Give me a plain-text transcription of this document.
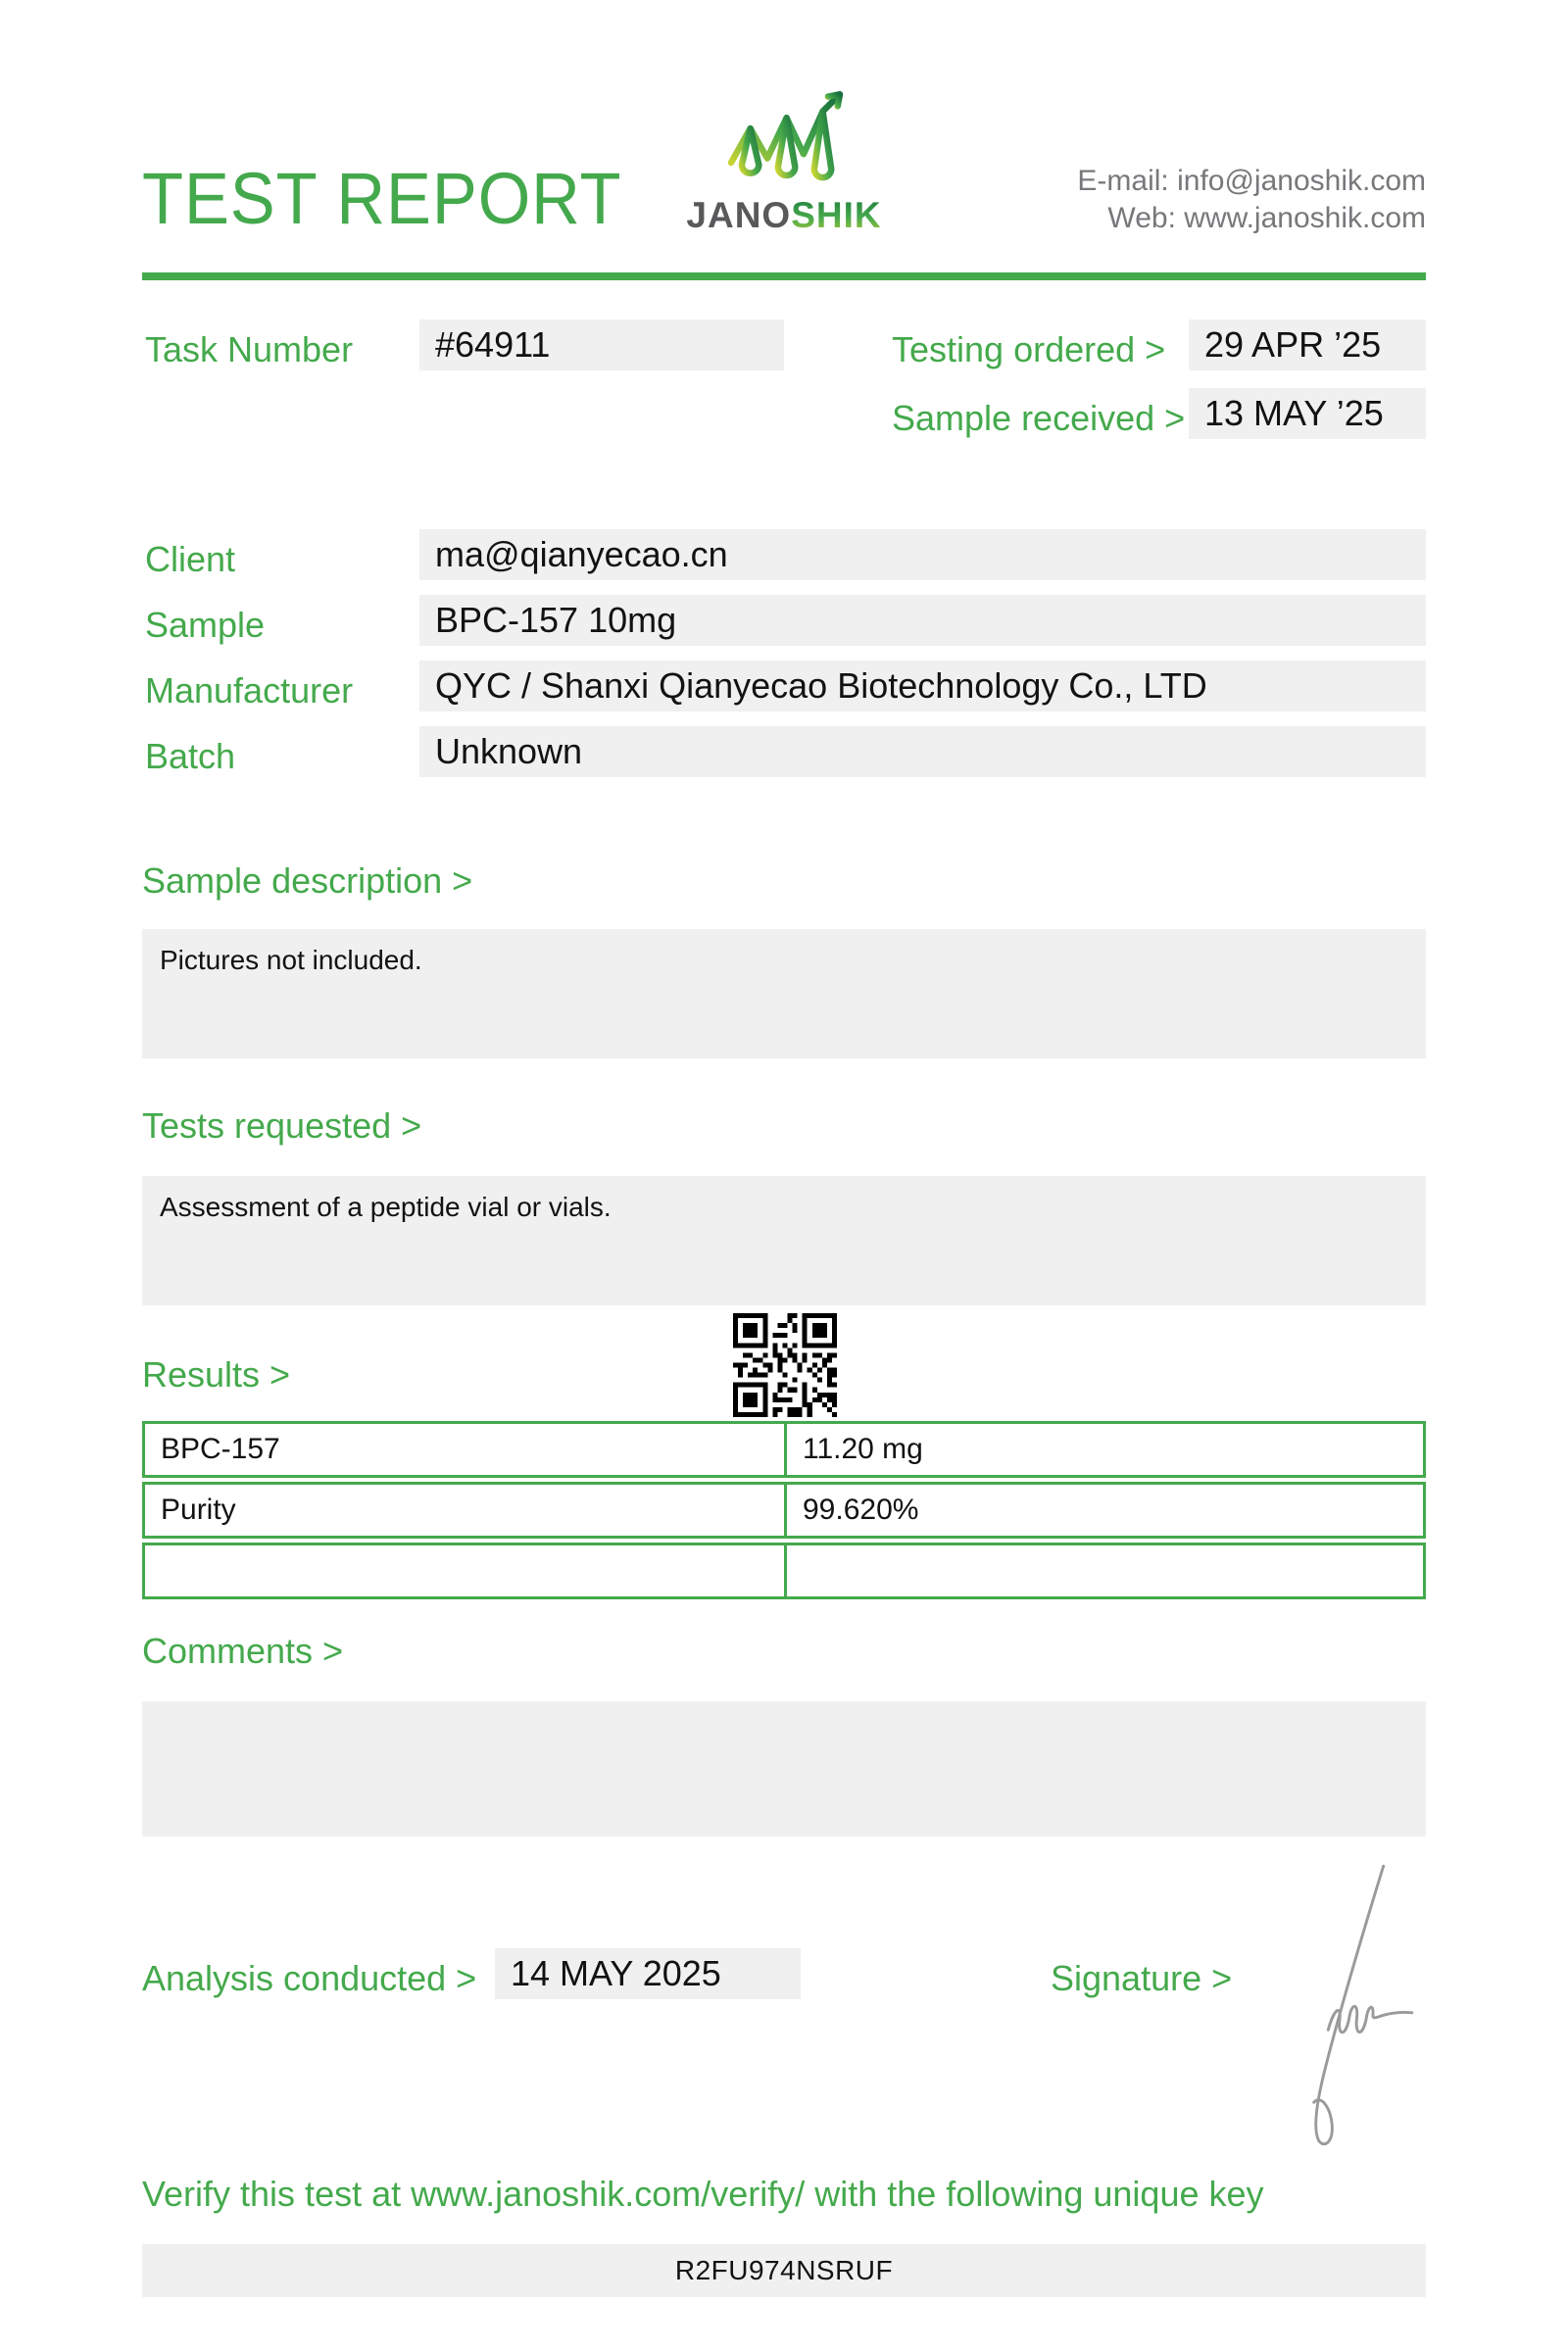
TEST REPORT JANOSHIK
E-mail: info@janoshik.com
Web: www.janoshik.com
Task Number	#64911	Testing ordered >	29 APR ’25
Sample received > 13 MAY ’25
Client	ma@qianyecao.cn
Sample	BPC-157 10mg
Manufacturer	QYC / Shanxi Qianyecao Biotechnology Co., LTD
Batch	Unknown
Sample description >
Pictures not included.
Tests requested >
Assessment of a peptide vial or vials.
Results >
BPC-157	11.20 mg
Purity	99.620%
Comments >
Analysis conducted > 14 MAY 2025	Signature >
Verify this test at www.janoshik.com/verify/ with the following unique key
R2FU974NSRUF
